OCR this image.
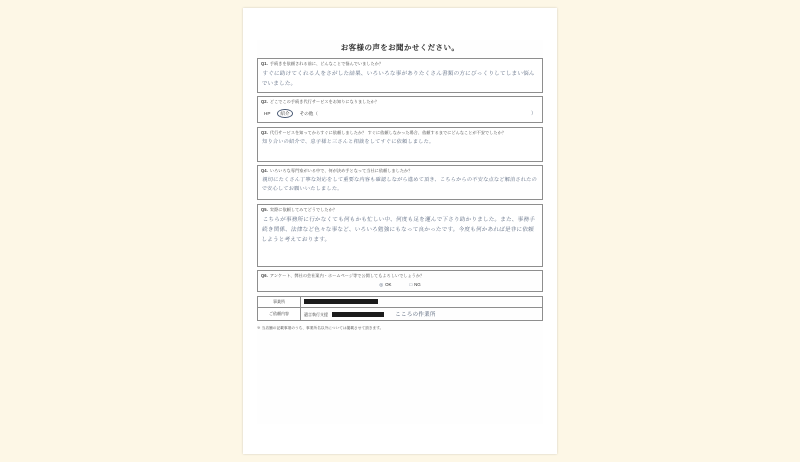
お客様の声をお聞かせください。
Q1. 手続きを依頼される前に、どんなことで悩んでいましたか？
すぐに助けてくれる人をさがした結果、いろいろな事がありたくさん書類の方にびっくりしてしまい悩んでいました。
Q2. どこでこの手続き代行サービスをお知りになりましたか？
HP	紹介	その他（	）
Q3. 代行サービスを知ってからすぐに依頼しましたか？ すぐに依頼しなかった場合、依頼するまでにどんなことが不安でしたか？
知り合いの紹介で、息子様と三さんと相談をしてすぐに依頼しました。
Q4. いろいろな専門家がいる中で、何が決め手となって当社に依頼しましたか？
親切にたくさん丁寧な対応をして重要な内容も確認しながら進めて頂き、こちらからの不安な点など解消されたので安心してお願いいたしました。
Q5. 実際に依頼してみてどうでしたか？
こちらが事務所に行かなくても何もかも忙しい中、何度も足を運んで下さり助かりました。また、事務手続き関係、法律など色々な事など、いろいろ勉強にもなって良かったです。今度も何かあれば是非に依頼しようと考えております。
Q6. アンケート、弊社の会社案内・ホームページ等で公開してもよろしいでしょうか？
◎ OK	□ NG
事業所	
ご依頼内容	遺言執行支援 こころの作業所
※ 当店舗の記載事項のうち、事業所名以外については掲載させて頂きます。
